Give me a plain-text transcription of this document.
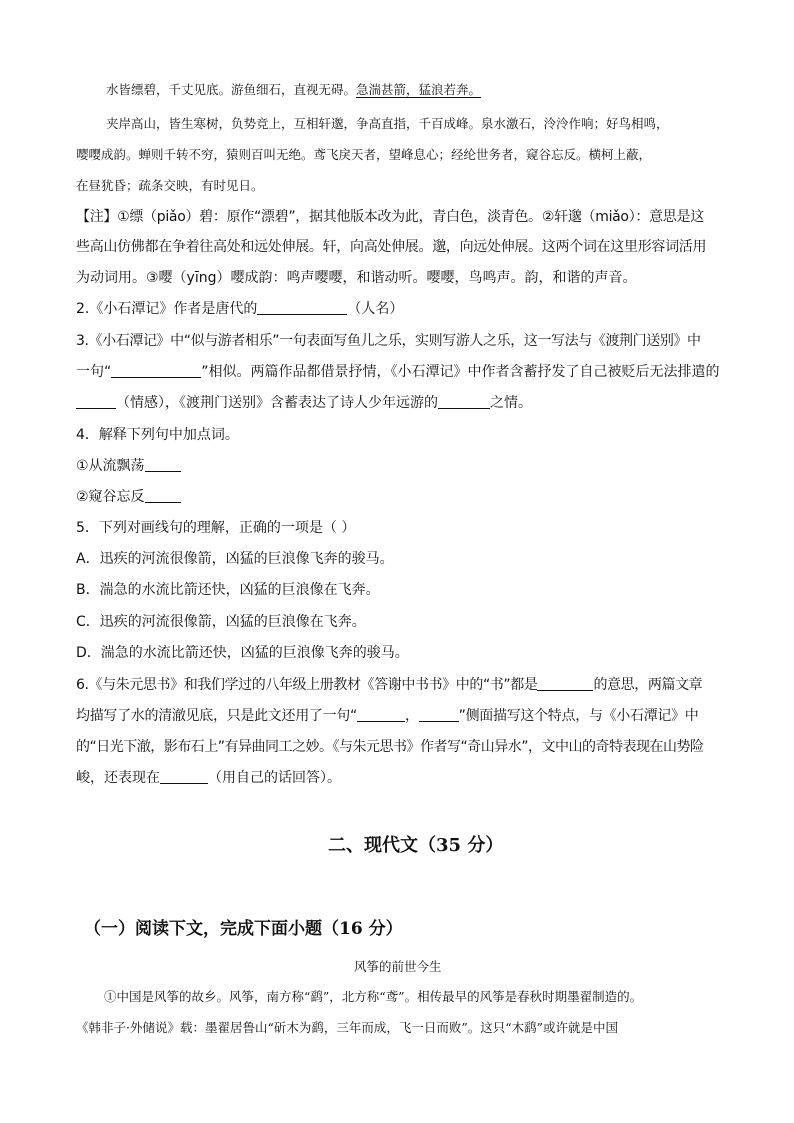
水皆缥碧，千丈见底。游鱼细石，直视无碍。急湍甚箭，猛浪若奔。
夹岸高山，皆生寒树，负势竞上，互相轩邈，争高直指，千百成峰。泉水激石，泠泠作响；好鸟相鸣，
嘤嘤成韵。蝉则千转不穷，猿则百叫无绝。鸢飞戾天者，望峰息心；经纶世务者，窥谷忘反。横柯上蔽，
在昼犹昏；疏条交映，有时见日。
【注】①缥（piǎo）碧：原作“漂碧”，据其他版本改为此，青白色，淡青色。②轩邈（miǎo）：意思是这
些高山仿佛都在争着往高处和远处伸展。轩，向高处伸展。邈，向远处伸展。这两个词在这里形容词活用
为动词用。③嘤（yīng）嘤成韵：鸣声嘤嘤，和谐动听。嘤嘤，鸟鸣声。韵，和谐的声音。
2.《小石潭记》作者是唐代的	（人名）
3.《小石潭记》中“似与游者相乐”一句表面写鱼儿之乐，实则写游人之乐，这一写法与《渡荆门送别》中
一句“	”相似。两篇作品都借景抒情，《小石潭记》中作者含蓄抒发了自己被贬后无法排遣的
（情感），《渡荆门送别》含蓄表达了诗人少年远游的	之情。
4．解释下列句中加点词。
①从流飘荡
②窥谷忘反
5．下列对画线句的理解，正确的一项是（ ）
A．迅疾的河流很像箭，凶猛的巨浪像飞奔的骏马。
B．湍急的水流比箭还快，凶猛的巨浪像在飞奔。
C．迅疾的河流很像箭，凶猛的巨浪像在飞奔。
D．湍急的水流比箭还快，凶猛的巨浪像飞奔的骏马。
6.《与朱元思书》和我们学过的八年级上册教材《答谢中书书》中的“书”都是	的意思，两篇文章
均描写了水的清澈见底，只是此文还用了一句“	，	”侧面描写这个特点，与《小石潭记》中
的“日光下澈，影布石上”有异曲同工之妙。《与朱元思书》作者写“奇山异水”，文中山的奇特表现在山势险
峻，还表现在	（用自己的话回答）。
二、现代文（35 分）
（一）阅读下文，完成下面小题（16 分）
风筝的前世今生
①中国是风筝的故乡。风筝，南方称“鹞”，北方称“鸢”。相传最早的风筝是春秋时期墨翟制造的。
《韩非子·外储说》载：墨翟居鲁山“斫木为鹞，三年而成，飞一日而败”。这只“木鹞”或许就是中国
